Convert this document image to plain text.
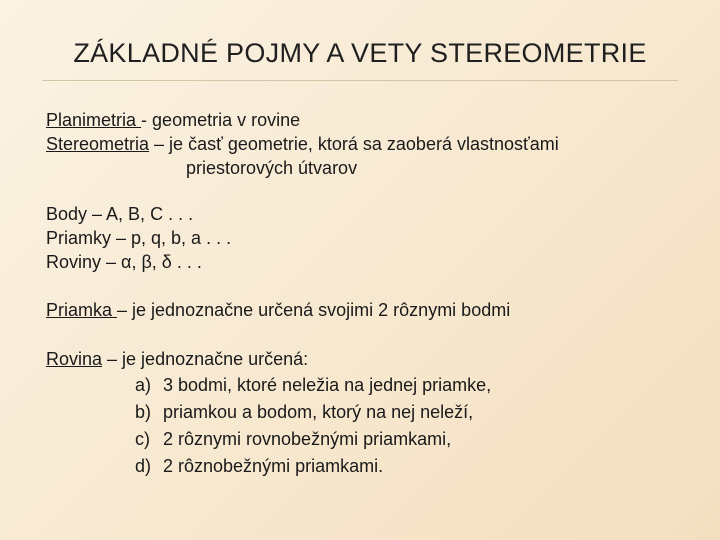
ZÁKLADNÉ POJMY A VETY STEREOMETRIE
Planimetria - geometria v rovine
Stereometria – je časť geometrie, ktorá sa zaoberá vlastnosťami
priestorových útvarov
Body – A, B, C . . .
Priamky – p, q, b, a . . .
Roviny – α, β, δ . . .
Priamka – je jednoznačne určená svojimi 2 rôznymi bodmi
Rovina – je jednoznačne určená:
a) 3 bodmi, ktoré neležia na jednej priamke,
b) priamkou a bodom, ktorý na nej neleží,
c) 2 rôznymi rovnobežnými priamkami,
d) 2 rôznobežnými priamkami.
